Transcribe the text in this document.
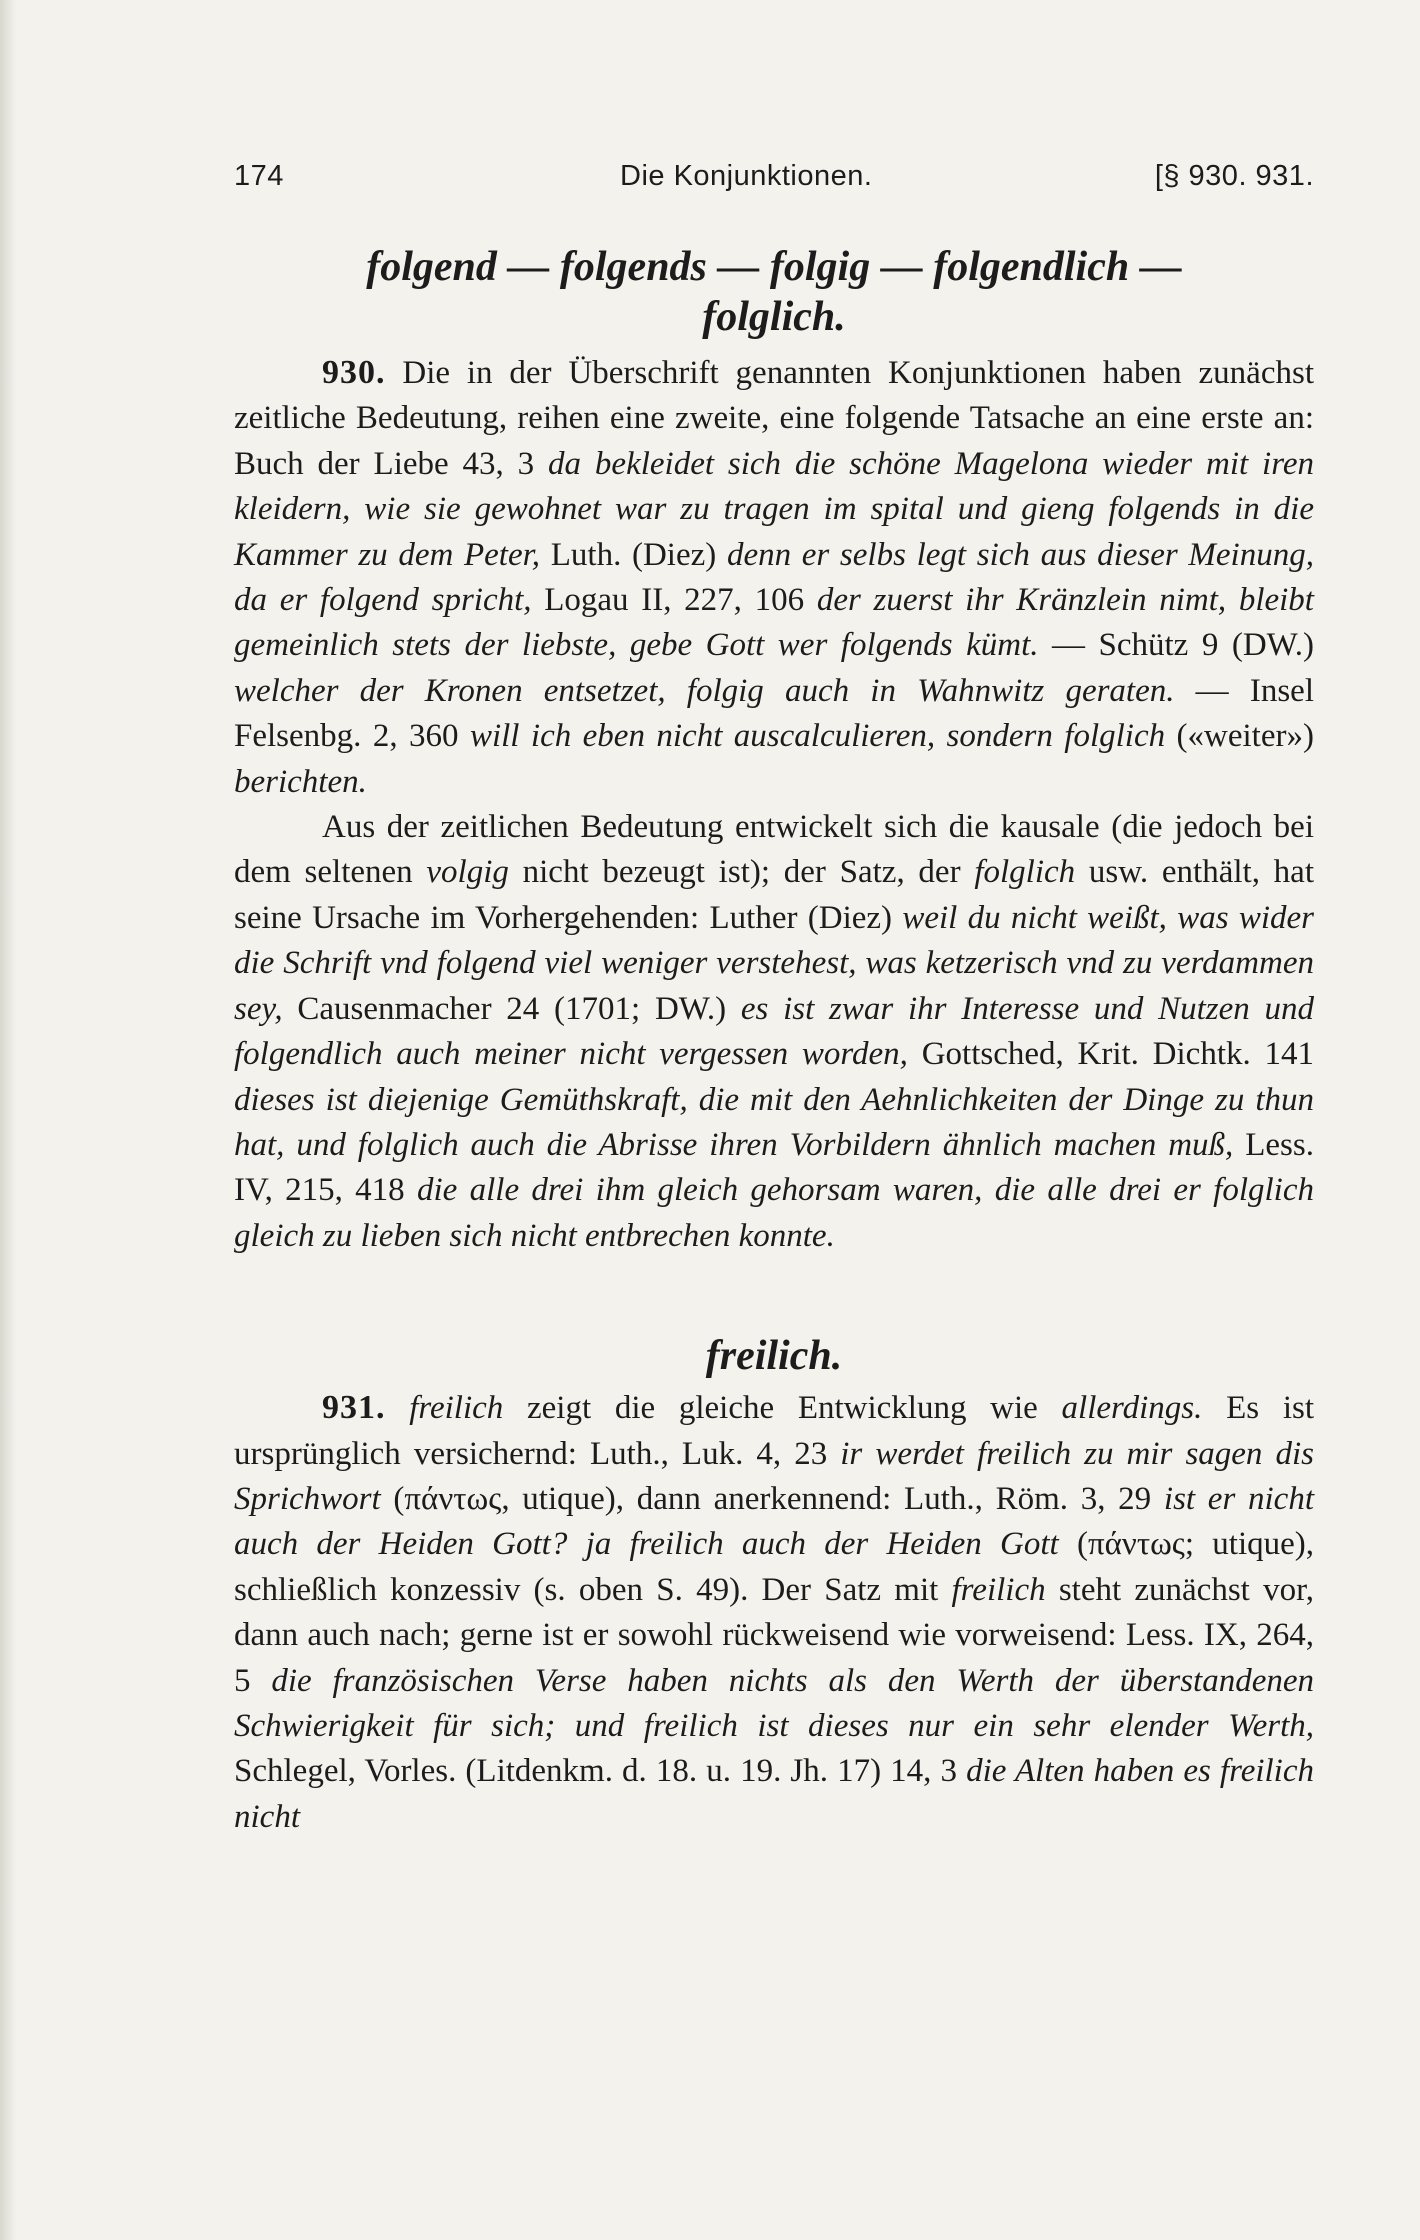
174	Die Konjunktionen.	[§ 930. 931.
folgend — folgends — folgig — folgendlich —
folglich.

930. Die in der Überschrift genannten Konjunktionen haben zunächst zeitliche Bedeutung, reihen eine zweite, eine folgende Tatsache an eine erste an: Buch der Liebe 43, 3 da bekleidet sich die schöne Magelona wieder mit iren kleidern, wie sie gewohnet war zu tragen im spital und gieng folgends in die Kammer zu dem Peter, Luth. (Diez) denn er selbs legt sich aus dieser Meinung, da er folgend spricht, Logau II, 227, 106 der zuerst ihr Kränzlein nimt, bleibt gemeinlich stets der liebste, gebe Gott wer folgends kümt. — Schütz 9 (DW.) welcher der Kronen entsetzet, folgig auch in Wahnwitz geraten. — Insel Felsenbg. 2, 360 will ich eben nicht auscalculieren, sondern folglich («weiter») berichten.

Aus der zeitlichen Bedeutung entwickelt sich die kausale (die jedoch bei dem seltenen volgig nicht bezeugt ist); der Satz, der folglich usw. enthält, hat seine Ursache im Vorhergehenden: Luther (Diez) weil du nicht weißt, was wider die Schrift vnd folgend viel weniger verstehest, was ketzerisch vnd zu verdammen sey, Causenmacher 24 (1701; DW.) es ist zwar ihr Interesse und Nutzen und folgendlich auch meiner nicht vergessen worden, Gottsched, Krit. Dichtk. 141 dieses ist diejenige Gemüthskraft, die mit den Aehnlichkeiten der Dinge zu thun hat, und folglich auch die Abrisse ihren Vorbildern ähnlich machen muß, Less. IV, 215, 418 die alle drei ihm gleich gehorsam waren, die alle drei er folglich gleich zu lieben sich nicht entbrechen konnte.

freilich.

931. freilich zeigt die gleiche Entwicklung wie allerdings. Es ist ursprünglich versichernd: Luth., Luk. 4, 23 ir werdet freilich zu mir sagen dis Sprichwort (πάντως, utique), dann anerkennend: Luth., Röm. 3, 29 ist er nicht auch der Heiden Gott? ja freilich auch der Heiden Gott (πάντως; utique), schließlich konzessiv (s. oben S. 49). Der Satz mit freilich steht zunächst vor, dann auch nach; gerne ist er sowohl rückweisend wie vorweisend: Less. IX, 264, 5 die französischen Verse haben nichts als den Werth der überstandenen Schwierigkeit für sich; und freilich ist dieses nur ein sehr elender Werth, Schlegel, Vorles. (Litdenkm. d. 18. u. 19. Jh. 17) 14, 3 die Alten haben es freilich nicht
